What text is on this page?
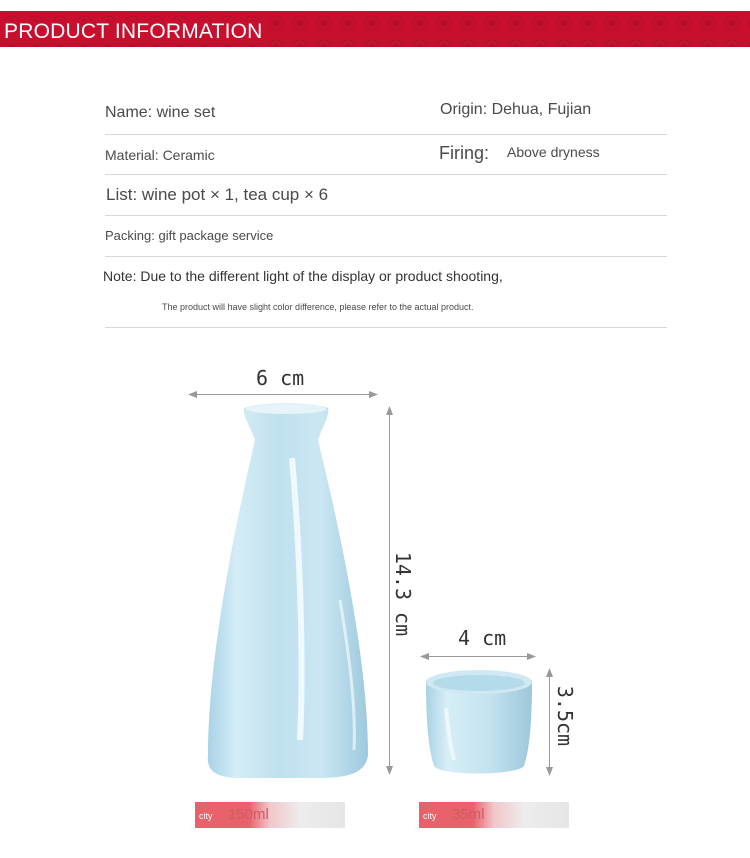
PRODUCT INFORMATION
Name: wine set	Origin: Dehua, Fujian
Material: Ceramic	Firing: Above dryness
List: wine pot × 1, tea cup × 6
Packing: gift package service
Note: Due to the different light of the display or product shooting,
The product will have slight color difference, please refer to the actual product.
6 cm
14.3 cm
4 cm
3.5cm
city 150ml	city 35ml
